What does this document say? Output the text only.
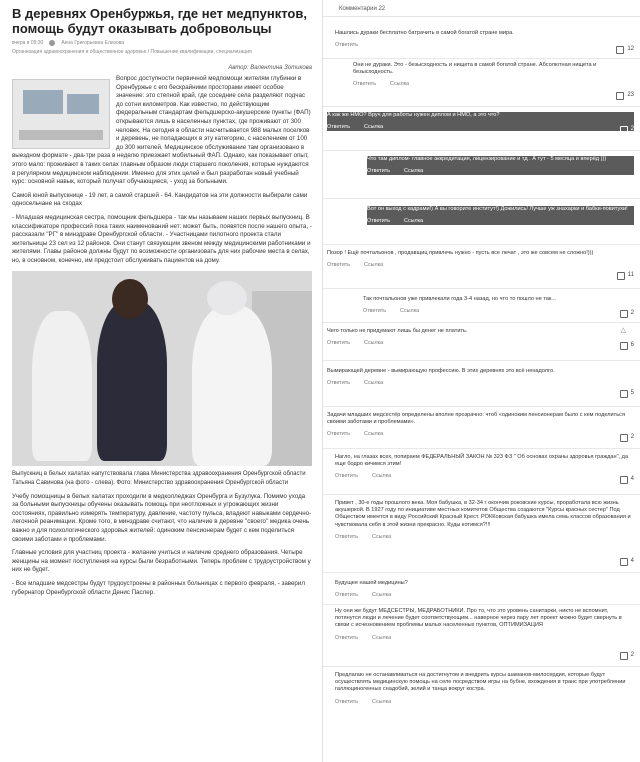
В деревнях Оренбуржья, где нет медпунктов, помощь будут оказывать добровольцы
вчера в 09:30	Анна Григорьевна Елизова
Организация здравоохранения и общественное здоровье / Повышение квалификации, специализация
Автор: Валентина Зотикова

Вопрос доступности первичной медпомощи жителям глубинки в Оренбуржье с его бескрайними просторами имеет особое значение: это степной край, где соседние села разделяют подчас до сотни километров. Как известно, по действующим федеральным стандартам фельдшерско-акушерские пункты (ФАП) открываются лишь в населенных пунктах, где проживают от 300 человек. На сегодня в области насчитывается 988 малых поселков и деревень, не попадающих в эту категорию, с населением от 100 до 300 жителей. Медицинское обслуживание там организовано в выездном формате - два-три раза в неделю приезжает мобильный ФАП. Однако, как показывает опыт, этого мало: проживают в таких селах главным образом люди старшего поколения, которые нуждаются в регулярном медицинском наблюдении. Именно для этих целей и был разработан новый учебный курс: основной навык, который получат обучающиеся, - уход за больными.

Самой юной выпускнице - 19 лет, а самой старшей - 64. Кандидатов на эти должности выбирали сами односельчане на сходах

- Младшая медицинская сестра, помощник фельдшера - так мы называем наших первых выпускниц. В классификаторе профессий пока таких наименований нет: может быть, появятся после нашего опыта, - рассказали "РГ" в минздраве Оренбургской области. - Участницами пилотного проекта стали жительницы 23 сел из 12 районов. Они станут связующим звеном между медицинскими работниками и жителями. Главы районов должны будут по возможности организовать для них рабочие места в селах, но, в основном, конечно, им предстоит обслуживать пациентов на дому.

Выпускниц в белых халатах напутствовала глава Министерства здравоохранения Оренбургской области Татьяна Савинова (на фото - слева). Фото: Министерство здравоохранения Оренбургской области

Учебу помощницы в белых халатах проходили в медколледжах Оренбурга и Бузулука. Помимо ухода за больными выпускницы обучены оказывать помощь при неотложных и угрожающих жизни состояниях, правильно измерять температуру, давление, частоту пульса, владеют навыками сердечно-легочной реанимации. Кроме того, в минздраве считают, что наличие в деревне "своего" медика очень важно и для психологического здоровья жителей: одиноким пенсионерам будет с кем поделиться своими заботами и проблемами.

Главные условия для участниц проекта - желание учиться и наличие среднего образования. Четыре женщины на момент поступления на курсы были безработными. Теперь проблем с трудоустройством у них не будет.

- Все младшие медсестры будут трудоустроены в районных больницах с первого февраля, - заверил губернатор Оренбургской области Денис Паслер.

Комментарии 22
Нашлись дураки бесплатно батрачить в самой богатой стране мира.
Ответить
12
Они не дураки. Это - безысходность и нищета в самой богатой стране. Абсолютная нищета и безысходность.
Ответить	Ссылка
23
А как же НМО? Вруч для работы нужен диплом и НМО, а это что?
Ответить	Ссылка	2
Что там диплом- главное аккредитация, лицензирование и тд . А тут - 5 месяца и вперёд )))
Ответить	Ссылка
2
Вот он выход с кадрами!) А вы говорите институт!) Дожились! Лучше уж знахарки и бабки-повитухи!
Ответить	Ссылка
19
Позор ! Ещё почтальонов , продавщиц привлечь нужно - пусть все лечат , это же совсем не сложно!)))
Ответить	Ссылка
11
Так почтальонов уже привлекали года 3-4 назад, но что то пошло не так...
Ответить	Ссылка	2
Чего только не придумают лишь бы денег не платить.
Ответить	Ссылка	6
△
Вымирающей деревне - вымирающую профессию. В этих деревнях это всё ненадолго.
Ответить	Ссылка
5
Задачи младших медсестёр определены вполне прозрачно: чтоб «одиноким пенсионерам было с кем поделиться своими заботами и проблемами».
Ответить	Ссылка	2
Нагло, на глазах всех, попираем ФЕДЕРАЛЬНЫЙ ЗАКОН № 323 ФЗ " Об основах охраны здоровья граждан", да еще бодро кичимся этим!
Ответить	Ссылка	4
Привет , 30-е годы прошлого века. Моя бабушка, в 32-34 г окончив роковские курсы, проработала всю жизнь акушеркой. В 1927 году по инициативе местных комитетов Общества создаются "Курсы красных сестер" Под Обществом имеется в виду Российский Красный Крест. РОККовская бабушка имела семь классов образования и чувствовала себя в этой жизни прекрасно. Куды котимся?!!!
Ответить	Ссылка
4
Будущее нашей медицины?
Ответить	Ссылка
Ну они же будут МЕДСЕСТРЫ, МЕДРАБОТНИКИ. Про то, что это уровень санитарки, никто не вспомнит, потянутся люди и лечение будет соответствующим... наверное через пару лет проект можно будет свернуть в связи с исчезновением проблемы малых населенных пунктов, ОПТИМИЗАЦИЯ
Ответить	Ссылка
2
Предлагаю не останавливаться на достигнутом и внедрить курсы шаманов-милосердия, которые будут осуществлять медицинскую помощь на селе посредством игры на бубне, вхождения в транс при употреблении галлюциногенных снадобий, зелий и танца вокруг костра.
Ответить	Ссылка
